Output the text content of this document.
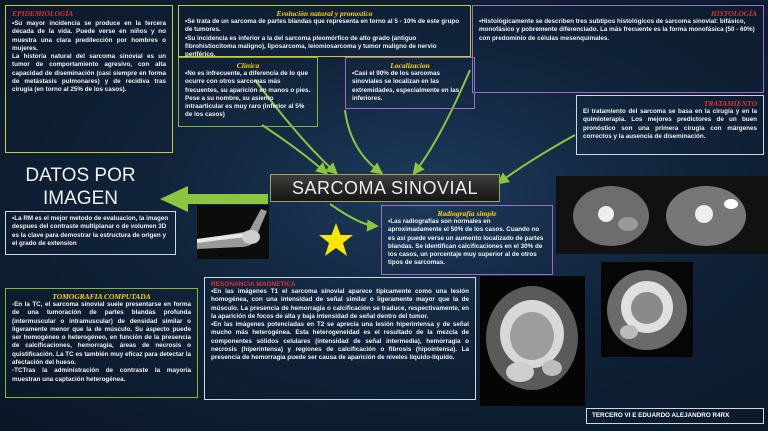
EPIDEMIOLOGÍA

•Su mayor incidencia se produce en la tercera década de la vida. Puede verse en niños y no muestra una clara predilección por hombres o mujeres.
La historia natural del sarcoma sinovial es un tumor de comportamiento agresivo, con alta capacidad de diseminación (casi siempre en forma de metástasis pulmonares) y de recidiva tras cirugía (en torno al 25% de los casos).

Evolución natural y pronostico
• Se trata de un sarcoma de partes blandas que representa en torno al 5 - 10% de este grupo de tumores.
• Su incidencia es inferior a la del sarcoma pleomórfico de alto grado (antiguo fibrohistiocitoma maligno), liposarcoma, leiomiosarcoma y tumor maligno de nervio periférico.
HISTOLOGÍA
• Histológicamente se describen tres subtipos histológicos de sarcoma sinovial: bifásico, monofásico y pobremente diferenciado. La más frecuente es la forma monofásica (50 - 60%) con predominio de células mesenquimales.
Clínica
• No es infrecuente, a diferencia de lo que ocurre con otros sarcomas más frecuentes, su aparición en manos o pies. Pese a su nombre, su asiento intraarticular es muy raro (inferior al 5% de los casos)
Localizacion
• Casi el 90% de los sarcomas sinoviales se localizan en las extremidades, especialmente en las inferiores.
TRATAMIENTO

El tratamiento del sarcoma se basa en la cirugía y en la quimioterapia. Los mejores predictores de un buen pronóstico son una primera cirugía con márgenes correctos y la ausencia de diseminación.

DATOS POR IMAGEN	SARCOMA SINOVIAL
• La RM es el mejor metodo de evaluacion, la imagen despues del contraste multiplanar o de volumen 3D es la clave para demostrar la estructura de origen y el grado de extension
Radiografía simple
• Las radiografías son normales en aproximadamente el 50% de los casos. Cuando no es así puede verse un aumento localizado de partes blandas. Se identifican calcificaciones en el 30% de los casos, un porcentaje muy superior al de otros tipos de sarcomas.
TOMOGRAFIA COMPUTADA

-En la TC, el sarcoma sinovial suele presentarse en forma de una tumoración de partes blandas profunda (intermuscular o intramuscular) de densidad similar o ligeramente menor que la de músculo. Su aspecto puede ser homogéneo o heterogéneo, en función de la presencia de calcificaciones, hemorragia, áreas de necrosis o quistificación. La TC es también muy eficaz para detectar la afectación del hueso.
-TCTras la administración de contraste la mayoría muestran una captación heterogénea.

RESONANCIA MAGNETICA
• En las imágenes T1 el sarcoma sinovial aparece típicamente como una lesión homogénea, con una intensidad de señal similar o ligeramente mayor que la de músculo. La presencia de hemorragia o calcificación se traduce, respectivamente, en la aparición de focos de alta y baja intensidad de señal dentro del tumor.
• En las imágenes potenciadas en T2 se aprecia una lesión hiperintensa y de señal mucho más heterogénea. Esta heterogeneidad es el resultado de la mezcla de componentes sólidos celulares (intensidad de señal intermedia), hemorragia o necrosis (hiperintensa) y regiones de calcificación o fibrosis (hipointensa). La presencia de hemorragia puede ser causa de aparición de niveles líquido-líquido.
TERCERO VI E EDUARDO ALEJANDRO R4RX
